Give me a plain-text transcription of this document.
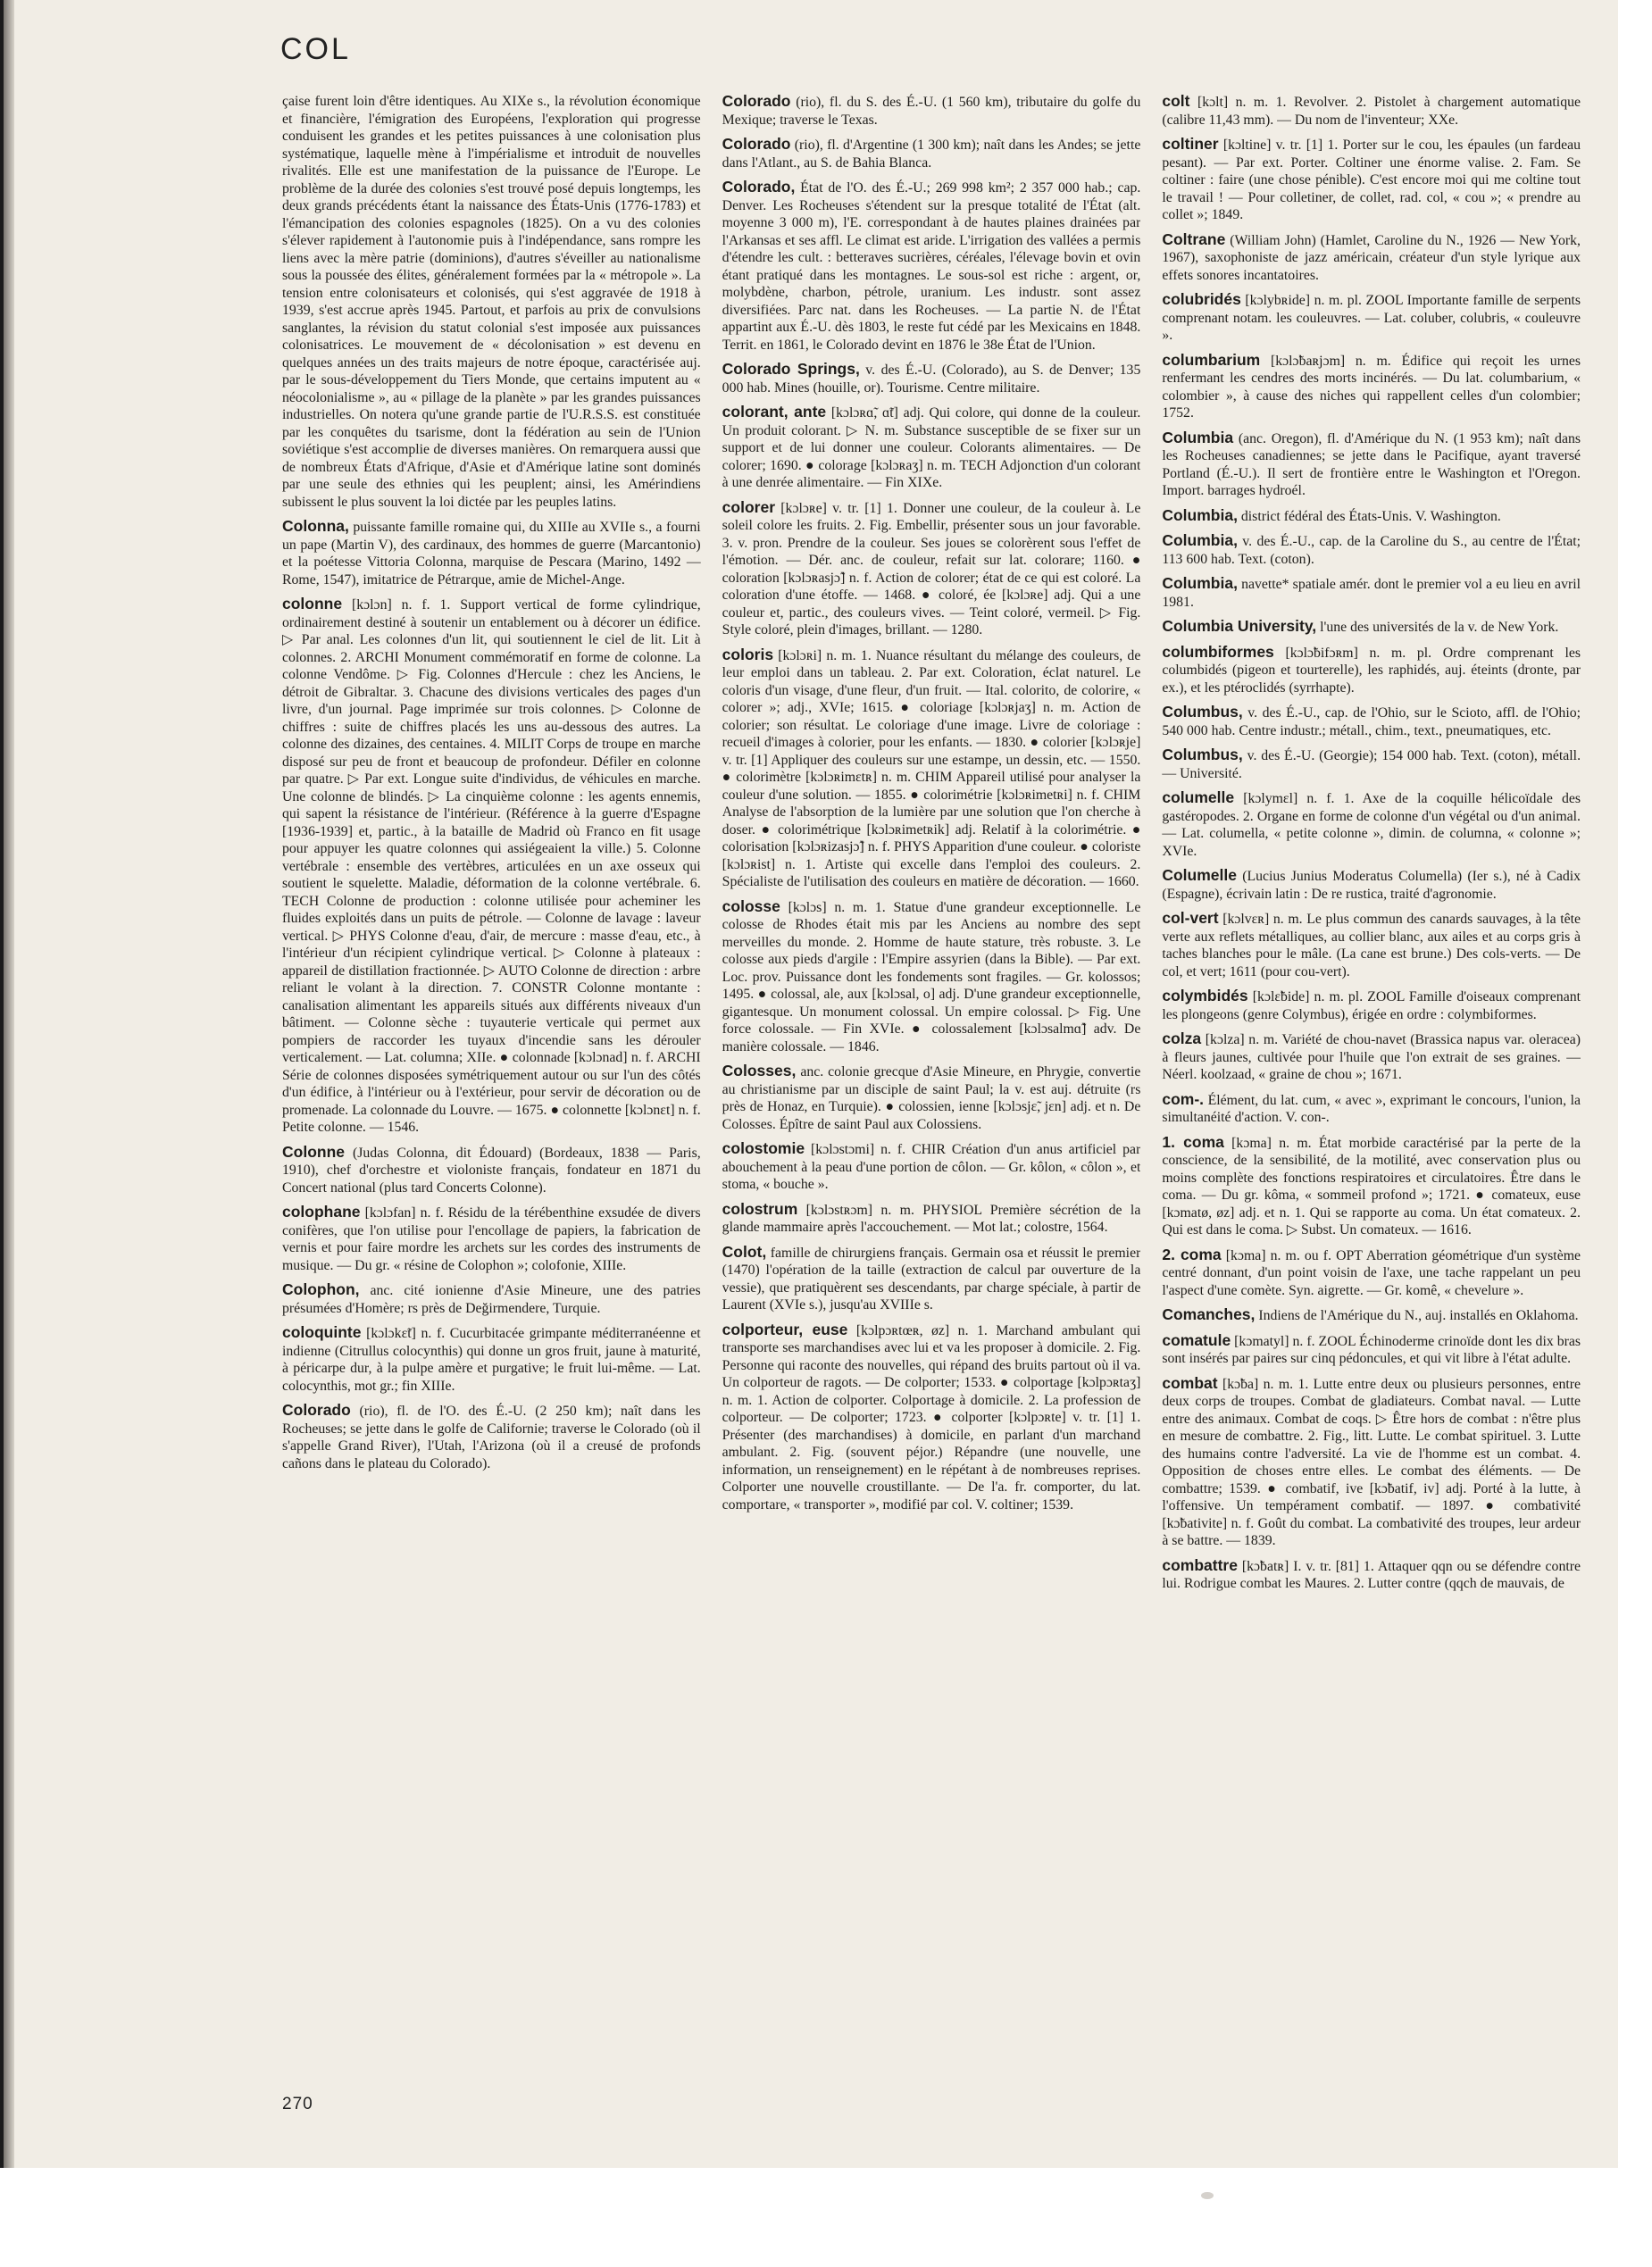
COL

çaise furent loin d'être identiques. Au XIXe s., la révolution économique et financière, l'émigration des Européens, l'exploration qui progresse conduisent les grandes et les petites puissances à une colonisation plus systématique, laquelle mène à l'impérialisme et introduit de nouvelles rivalités. Elle est une manifestation de la puissance de l'Europe. Le problème de la durée des colonies s'est trouvé posé depuis longtemps, les deux grands précédents étant la naissance des États-Unis (1776-1783) et l'émancipation des colonies espagnoles (1825). On a vu des colonies s'élever rapidement à l'autonomie puis à l'indépendance, sans rompre les liens avec la mère patrie (dominions), d'autres s'éveiller au nationalisme sous la poussée des élites, généralement formées par la « métropole ». La tension entre colonisateurs et colonisés, qui s'est aggravée de 1918 à 1939, s'est accrue après 1945. Partout, et parfois au prix de convulsions sanglantes, la révision du statut colonial s'est imposée aux puissances colonisatrices. Le mouvement de « décolonisation » est devenu en quelques années un des traits majeurs de notre époque, caractérisée auj. par le sous-développement du Tiers Monde, que certains imputent au « néocolonialisme », au « pillage de la planète » par les grandes puissances industrielles. On notera qu'une grande partie de l'U.R.S.S. est constituée par les conquêtes du tsarisme, dont la fédération au sein de l'Union soviétique s'est accomplie de diverses manières. On remarquera aussi que de nombreux États d'Afrique, d'Asie et d'Amérique latine sont dominés par une seule des ethnies qui les peuplent; ainsi, les Amérindiens subissent le plus souvent la loi dictée par les peuples latins.

Colonna, puissante famille romaine qui, du XIIIe au XVIIe s., a fourni un pape (Martin V), des cardinaux, des hommes de guerre (Marcantonio) et la poétesse Vittoria Colonna, marquise de Pescara (Marino, 1492 — Rome, 1547), imitatrice de Pétrarque, amie de Michel-Ange.

colonne [kɔlɔn] n. f. 1. Support vertical de forme cylindrique, ordinairement destiné à soutenir un entablement ou à décorer un édifice. ▷ Par anal. Les colonnes d'un lit, qui soutiennent le ciel de lit. Lit à colonnes. 2. ARCHI Monument commémoratif en forme de colonne. La colonne Vendôme. ▷ Fig. Colonnes d'Hercule : chez les Anciens, le détroit de Gibraltar. 3. Chacune des divisions verticales des pages d'un livre, d'un journal. Page imprimée sur trois colonnes. ▷ Colonne de chiffres : suite de chiffres placés les uns au-dessous des autres. La colonne des dizaines, des centaines. 4. MILIT Corps de troupe en marche disposé sur peu de front et beaucoup de profondeur. Défiler en colonne par quatre. ▷ Par ext. Longue suite d'individus, de véhicules en marche. Une colonne de blindés. ▷ La cinquième colonne : les agents ennemis, qui sapent la résistance de l'intérieur. (Référence à la guerre d'Espagne [1936-1939] et, partic., à la bataille de Madrid où Franco en fit usage pour appuyer les quatre colonnes qui assiégeaient la ville.) 5. Colonne vertébrale : ensemble des vertèbres, articulées en un axe osseux qui soutient le squelette. Maladie, déformation de la colonne vertébrale. 6. TECH Colonne de production : colonne utilisée pour acheminer les fluides exploités dans un puits de pétrole. — Colonne de lavage : laveur vertical. ▷ PHYS Colonne d'eau, d'air, de mercure : masse d'eau, etc., à l'intérieur d'un récipient cylindrique vertical. ▷ Colonne à plateaux : appareil de distillation fractionnée. ▷ AUTO Colonne de direction : arbre reliant le volant à la direction. 7. CONSTR Colonne montante : canalisation alimentant les appareils situés aux différents niveaux d'un bâtiment. — Colonne sèche : tuyauterie verticale qui permet aux pompiers de raccorder les tuyaux d'incendie sans les dérouler verticalement. — Lat. columna; XIIe. ● colonnade [kɔlɔnad] n. f. ARCHI Série de colonnes disposées symétriquement autour ou sur l'un des côtés d'un édifice, à l'intérieur ou à l'extérieur, pour servir de décoration ou de promenade. La colonnade du Louvre. — 1675. ● colonnette [kɔlɔnɛt] n. f. Petite colonne. — 1546.

Colonne (Judas Colonna, dit Édouard) (Bordeaux, 1838 — Paris, 1910), chef d'orchestre et violoniste français, fondateur en 1871 du Concert national (plus tard Concerts Colonne).

colophane [kɔlɔfan] n. f. Résidu de la térébenthine exsudée de divers conifères, que l'on utilise pour l'encollage de papiers, la fabrication de vernis et pour faire mordre les archets sur les cordes des instruments de musique. — Du gr. « résine de Colophon »; colofonie, XIIIe.

Colophon, anc. cité ionienne d'Asie Mineure, une des patries présumées d'Homère; rs près de Değirmendere, Turquie.

coloquinte [kɔlɔkɛ̃t] n. f. Cucurbitacée grimpante méditerranéenne et indienne (Citrullus colocynthis) qui donne un gros fruit, jaune à maturité, à péricarpe dur, à la pulpe amère et purgative; le fruit lui-même. — Lat. colocynthis, mot gr.; fin XIIIe.

Colorado (rio), fl. de l'O. des É.-U. (2 250 km); naît dans les Rocheuses; se jette dans le golfe de Californie; traverse le Colorado (où il s'appelle Grand River), l'Utah, l'Arizona (où il a creusé de profonds cañons dans le plateau du Colorado).

Colorado (rio), fl. du S. des É.-U. (1 560 km), tributaire du golfe du Mexique; traverse le Texas.

Colorado (rio), fl. d'Argentine (1 300 km); naît dans les Andes; se jette dans l'Atlant., au S. de Bahia Blanca.

Colorado, État de l'O. des É.-U.; 269 998 km²; 2 357 000 hab.; cap. Denver. Les Rocheuses s'étendent sur la presque totalité de l'État (alt. moyenne 3 000 m), l'E. correspondant à de hautes plaines drainées par l'Arkansas et ses affl. Le climat est aride. L'irrigation des vallées a permis d'étendre les cult. : betteraves sucrières, céréales, l'élevage bovin et ovin étant pratiqué dans les montagnes. Le sous-sol est riche : argent, or, molybdène, charbon, pétrole, uranium. Les industr. sont assez diversifiées. Parc nat. dans les Rocheuses. — La partie N. de l'État appartint aux É.-U. dès 1803, le reste fut cédé par les Mexicains en 1848. Territ. en 1861, le Colorado devint en 1876 le 38e État de l'Union.

Colorado Springs, v. des É.-U. (Colorado), au S. de Denver; 135 000 hab. Mines (houille, or). Tourisme. Centre militaire.

colorant, ante [kɔlɔʀɑ̃, ɑ̃t] adj. Qui colore, qui donne de la couleur. Un produit colorant. ▷ N. m. Substance susceptible de se fixer sur un support et de lui donner une couleur. Colorants alimentaires. — De colorer; 1690. ● colorage [kɔlɔʀaʒ] n. m. TECH Adjonction d'un colorant à une denrée alimentaire. — Fin XIXe.

colorer [kɔlɔʀe] v. tr. [1] 1. Donner une couleur, de la couleur à. Le soleil colore les fruits. 2. Fig. Embellir, présenter sous un jour favorable. 3. v. pron. Prendre de la couleur. Ses joues se colorèrent sous l'effet de l'émotion. — Dér. anc. de couleur, refait sur lat. colorare; 1160. ● coloration [kɔlɔʀasjɔ̃] n. f. Action de colorer; état de ce qui est coloré. La coloration d'une étoffe. — 1468. ● coloré, ée [kɔlɔʀe] adj. Qui a une couleur et, partic., des couleurs vives. — Teint coloré, vermeil. ▷ Fig. Style coloré, plein d'images, brillant. — 1280.

coloris [kɔlɔʀi] n. m. 1. Nuance résultant du mélange des couleurs, de leur emploi dans un tableau. 2. Par ext. Coloration, éclat naturel. Le coloris d'un visage, d'une fleur, d'un fruit. — Ital. colorito, de colorire, « colorer »; adj., XVIe; 1615. ● coloriage [kɔlɔʀjaʒ] n. m. Action de colorier; son résultat. Le coloriage d'une image. Livre de coloriage : recueil d'images à colorier, pour les enfants. — 1830. ● colorier [kɔlɔʀje] v. tr. [1] Appliquer des couleurs sur une estampe, un dessin, etc. — 1550. ● colorimètre [kɔlɔʀimɛtʀ] n. m. CHIM Appareil utilisé pour analyser la couleur d'une solution. — 1855. ● colorimétrie [kɔlɔʀimetʀi] n. f. CHIM Analyse de l'absorption de la lumière par une solution que l'on cherche à doser. ● colorimétrique [kɔlɔʀimetʀik] adj. Relatif à la colorimétrie. ● colorisation [kɔlɔʀizasjɔ̃] n. f. PHYS Apparition d'une couleur. ● coloriste [kɔlɔʀist] n. 1. Artiste qui excelle dans l'emploi des couleurs. 2. Spécialiste de l'utilisation des couleurs en matière de décoration. — 1660.

colosse [kɔlɔs] n. m. 1. Statue d'une grandeur exceptionnelle. Le colosse de Rhodes était mis par les Anciens au nombre des sept merveilles du monde. 2. Homme de haute stature, très robuste. 3. Le colosse aux pieds d'argile : l'Empire assyrien (dans la Bible). — Par ext. Loc. prov. Puissance dont les fondements sont fragiles. — Gr. kolossos; 1495. ● colossal, ale, aux [kɔlɔsal, o] adj. D'une grandeur exceptionnelle, gigantesque. Un monument colossal. Un empire colossal. ▷ Fig. Une force colossale. — Fin XVIe. ● colossalement [kɔlɔsalmɑ̃] adv. De manière colossale. — 1846.

Colosses, anc. colonie grecque d'Asie Mineure, en Phrygie, convertie au christianisme par un disciple de saint Paul; la v. est auj. détruite (rs près de Honaz, en Turquie). ● colossien, ienne [kɔlɔsjɛ̃, jɛn] adj. et n. De Colosses. Épître de saint Paul aux Colossiens.

colostomie [kɔlɔstɔmi] n. f. CHIR Création d'un anus artificiel par abouchement à la peau d'une portion de côlon. — Gr. kôlon, « côlon », et stoma, « bouche ».

colostrum [kɔlɔstʀɔm] n. m. PHYSIOL Première sécrétion de la glande mammaire après l'accouchement. — Mot lat.; colostre, 1564.

Colot, famille de chirurgiens français. Germain osa et réussit le premier (1470) l'opération de la taille (extraction de calcul par ouverture de la vessie), que pratiquèrent ses descendants, par charge spéciale, à partir de Laurent (XVIe s.), jusqu'au XVIIIe s.

colporteur, euse [kɔlpɔʀtœʀ, øz] n. 1. Marchand ambulant qui transporte ses marchandises avec lui et va les proposer à domicile. 2. Fig. Personne qui raconte des nouvelles, qui répand des bruits partout où il va. Un colporteur de ragots. — De colporter; 1533. ● colportage [kɔlpɔʀtaʒ] n. m. 1. Action de colporter. Colportage à domicile. 2. La profession de colporteur. — De colporter; 1723. ● colporter [kɔlpɔʀte] v. tr. [1] 1. Présenter (des marchandises) à domicile, en parlant d'un marchand ambulant. 2. Fig. (souvent péjor.) Répandre (une nouvelle, une information, un renseignement) en le répétant à de nombreuses reprises. Colporter une nouvelle croustillante. — De l'a. fr. comporter, du lat. comportare, « transporter », modifié par col. V. coltiner; 1539.

colt [kɔlt] n. m. 1. Revolver. 2. Pistolet à chargement automatique (calibre 11,43 mm). — Du nom de l'inventeur; XXe.

coltiner [kɔltine] v. tr. [1] 1. Porter sur le cou, les épaules (un fardeau pesant). — Par ext. Porter. Coltiner une énorme valise. 2. Fam. Se coltiner : faire (une chose pénible). C'est encore moi qui me coltine tout le travail ! — Pour colletiner, de collet, rad. col, « cou »; « prendre au collet »; 1849.

Coltrane (William John) (Hamlet, Caroline du N., 1926 — New York, 1967), saxophoniste de jazz américain, créateur d'un style lyrique aux effets sonores incantatoires.

colubridés [kɔlybʀide] n. m. pl. ZOOL Importante famille de serpents comprenant notam. les couleuvres. — Lat. coluber, colubris, « couleuvre ».

columbarium [kɔlɔ̃baʀjɔm] n. m. Édifice qui reçoit les urnes renfermant les cendres des morts incinérés. — Du lat. columbarium, « colombier », à cause des niches qui rappellent celles d'un colombier; 1752.

Columbia (anc. Oregon), fl. d'Amérique du N. (1 953 km); naît dans les Rocheuses canadiennes; se jette dans le Pacifique, ayant traversé Portland (É.-U.). Il sert de frontière entre le Washington et l'Oregon. Import. barrages hydroél.

Columbia, district fédéral des États-Unis. V. Washington.

Columbia, v. des É.-U., cap. de la Caroline du S., au centre de l'État; 113 600 hab. Text. (coton).

Columbia, navette* spatiale amér. dont le premier vol a eu lieu en avril 1981.

Columbia University, l'une des universités de la v. de New York.

columbiformes [kɔlɔ̃bifɔʀm] n. m. pl. Ordre comprenant les columbidés (pigeon et tourterelle), les raphidés, auj. éteints (dronte, par ex.), et les ptéroclidés (syrrhapte).

Columbus, v. des É.-U., cap. de l'Ohio, sur le Scioto, affl. de l'Ohio; 540 000 hab. Centre industr.; métall., chim., text., pneumatiques, etc.

Columbus, v. des É.-U. (Georgie); 154 000 hab. Text. (coton), métall. — Université.

columelle [kɔlymɛl] n. f. 1. Axe de la coquille hélicoïdale des gastéropodes. 2. Organe en forme de colonne d'un végétal ou d'un animal. — Lat. columella, « petite colonne », dimin. de columna, « colonne »; XVIe.

Columelle (Lucius Junius Moderatus Columella) (Ier s.), né à Cadix (Espagne), écrivain latin : De re rustica, traité d'agronomie.

col-vert [kɔlvɛʀ] n. m. Le plus commun des canards sauvages, à la tête verte aux reflets métalliques, au collier blanc, aux ailes et au corps gris à taches blanches pour le mâle. (La cane est brune.) Des cols-verts. — De col, et vert; 1611 (pour cou-vert).

colymbidés [kɔlɛ̃bide] n. m. pl. ZOOL Famille d'oiseaux comprenant les plongeons (genre Colymbus), érigée en ordre : colymbiformes.

colza [kɔlza] n. m. Variété de chou-navet (Brassica napus var. oleracea) à fleurs jaunes, cultivée pour l'huile que l'on extrait de ses graines. — Néerl. koolzaad, « graine de chou »; 1671.

com-. Élément, du lat. cum, « avec », exprimant le concours, l'union, la simultanéité d'action. V. con-.

1. coma [kɔma] n. m. État morbide caractérisé par la perte de la conscience, de la sensibilité, de la motilité, avec conservation plus ou moins complète des fonctions respiratoires et circulatoires. Être dans le coma. — Du gr. kôma, « sommeil profond »; 1721. ● comateux, euse [kɔmatø, øz] adj. et n. 1. Qui se rapporte au coma. Un état comateux. 2. Qui est dans le coma. ▷ Subst. Un comateux. — 1616.

2. coma [kɔma] n. m. ou f. OPT Aberration géométrique d'un système centré donnant, d'un point voisin de l'axe, une tache rappelant un peu l'aspect d'une comète. Syn. aigrette. — Gr. komê, « chevelure ».

Comanches, Indiens de l'Amérique du N., auj. installés en Oklahoma.

comatule [kɔmatyl] n. f. ZOOL Échinoderme crinoïde dont les dix bras sont insérés par paires sur cinq pédoncules, et qui vit libre à l'état adulte.

combat [kɔ̃ba] n. m. 1. Lutte entre deux ou plusieurs personnes, entre deux corps de troupes. Combat de gladiateurs. Combat naval. — Lutte entre des animaux. Combat de coqs. ▷ Être hors de combat : n'être plus en mesure de combattre. 2. Fig., litt. Lutte. Le combat spirituel. 3. Lutte des humains contre l'adversité. La vie de l'homme est un combat. 4. Opposition de choses entre elles. Le combat des éléments. — De combattre; 1539. ● combatif, ive [kɔ̃batif, iv] adj. Porté à la lutte, à l'offensive. Un tempérament combatif. — 1897. ● combativité [kɔ̃bativite] n. f. Goût du combat. La combativité des troupes, leur ardeur à se battre. — 1839.

combattre [kɔ̃batʀ] I. v. tr. [81] 1. Attaquer qqn ou se défendre contre lui. Rodrigue combat les Maures. 2. Lutter contre (qqch de mauvais, de

270
